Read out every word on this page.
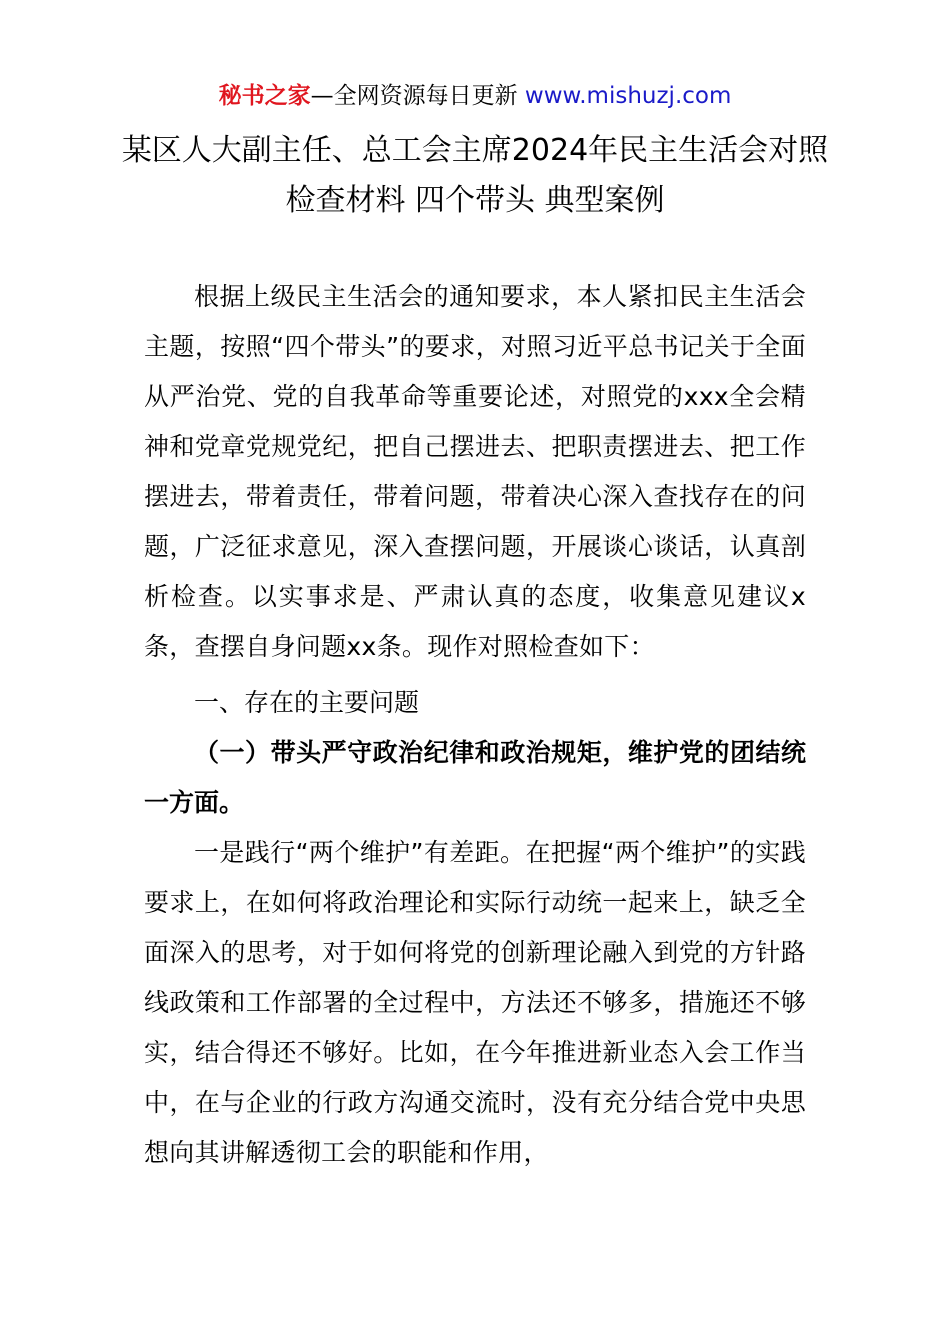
秘书之家—全网资源每日更新 www.mishuzj.com
某区人大副主任、总工会主席2024年民主生活会对照检查材料 四个带头 典型案例

根据上级民主生活会的通知要求，本人紧扣民主生活会主题，按照“四个带头”的要求，对照习近平总书记关于全面从严治党、党的自我革命等重要论述，对照党的xxx全会精神和党章党规党纪，把自己摆进去、把职责摆进去、把工作摆进去，带着责任，带着问题，带着决心深入查找存在的问题，广泛征求意见，深入查摆问题，开展谈心谈话，认真剖析检查。以实事求是、严肃认真的态度，收集意见建议x条，查摆自身问题xx条。现作对照检查如下：

一、存在的主要问题

（一）带头严守政治纪律和政治规矩，维护党的团结统一方面。

一是践行“两个维护”有差距。在把握“两个维护”的实践要求上，在如何将政治理论和实际行动统一起来上，缺乏全面深入的思考，对于如何将党的创新理论融入到党的方针路线政策和工作部署的全过程中，方法还不够多，措施还不够实，结合得还不够好。比如，在今年推进新业态入会工作当中，在与企业的行政方沟通交流时，没有充分结合党中央思想向其讲解透彻工会的职能和作用，
